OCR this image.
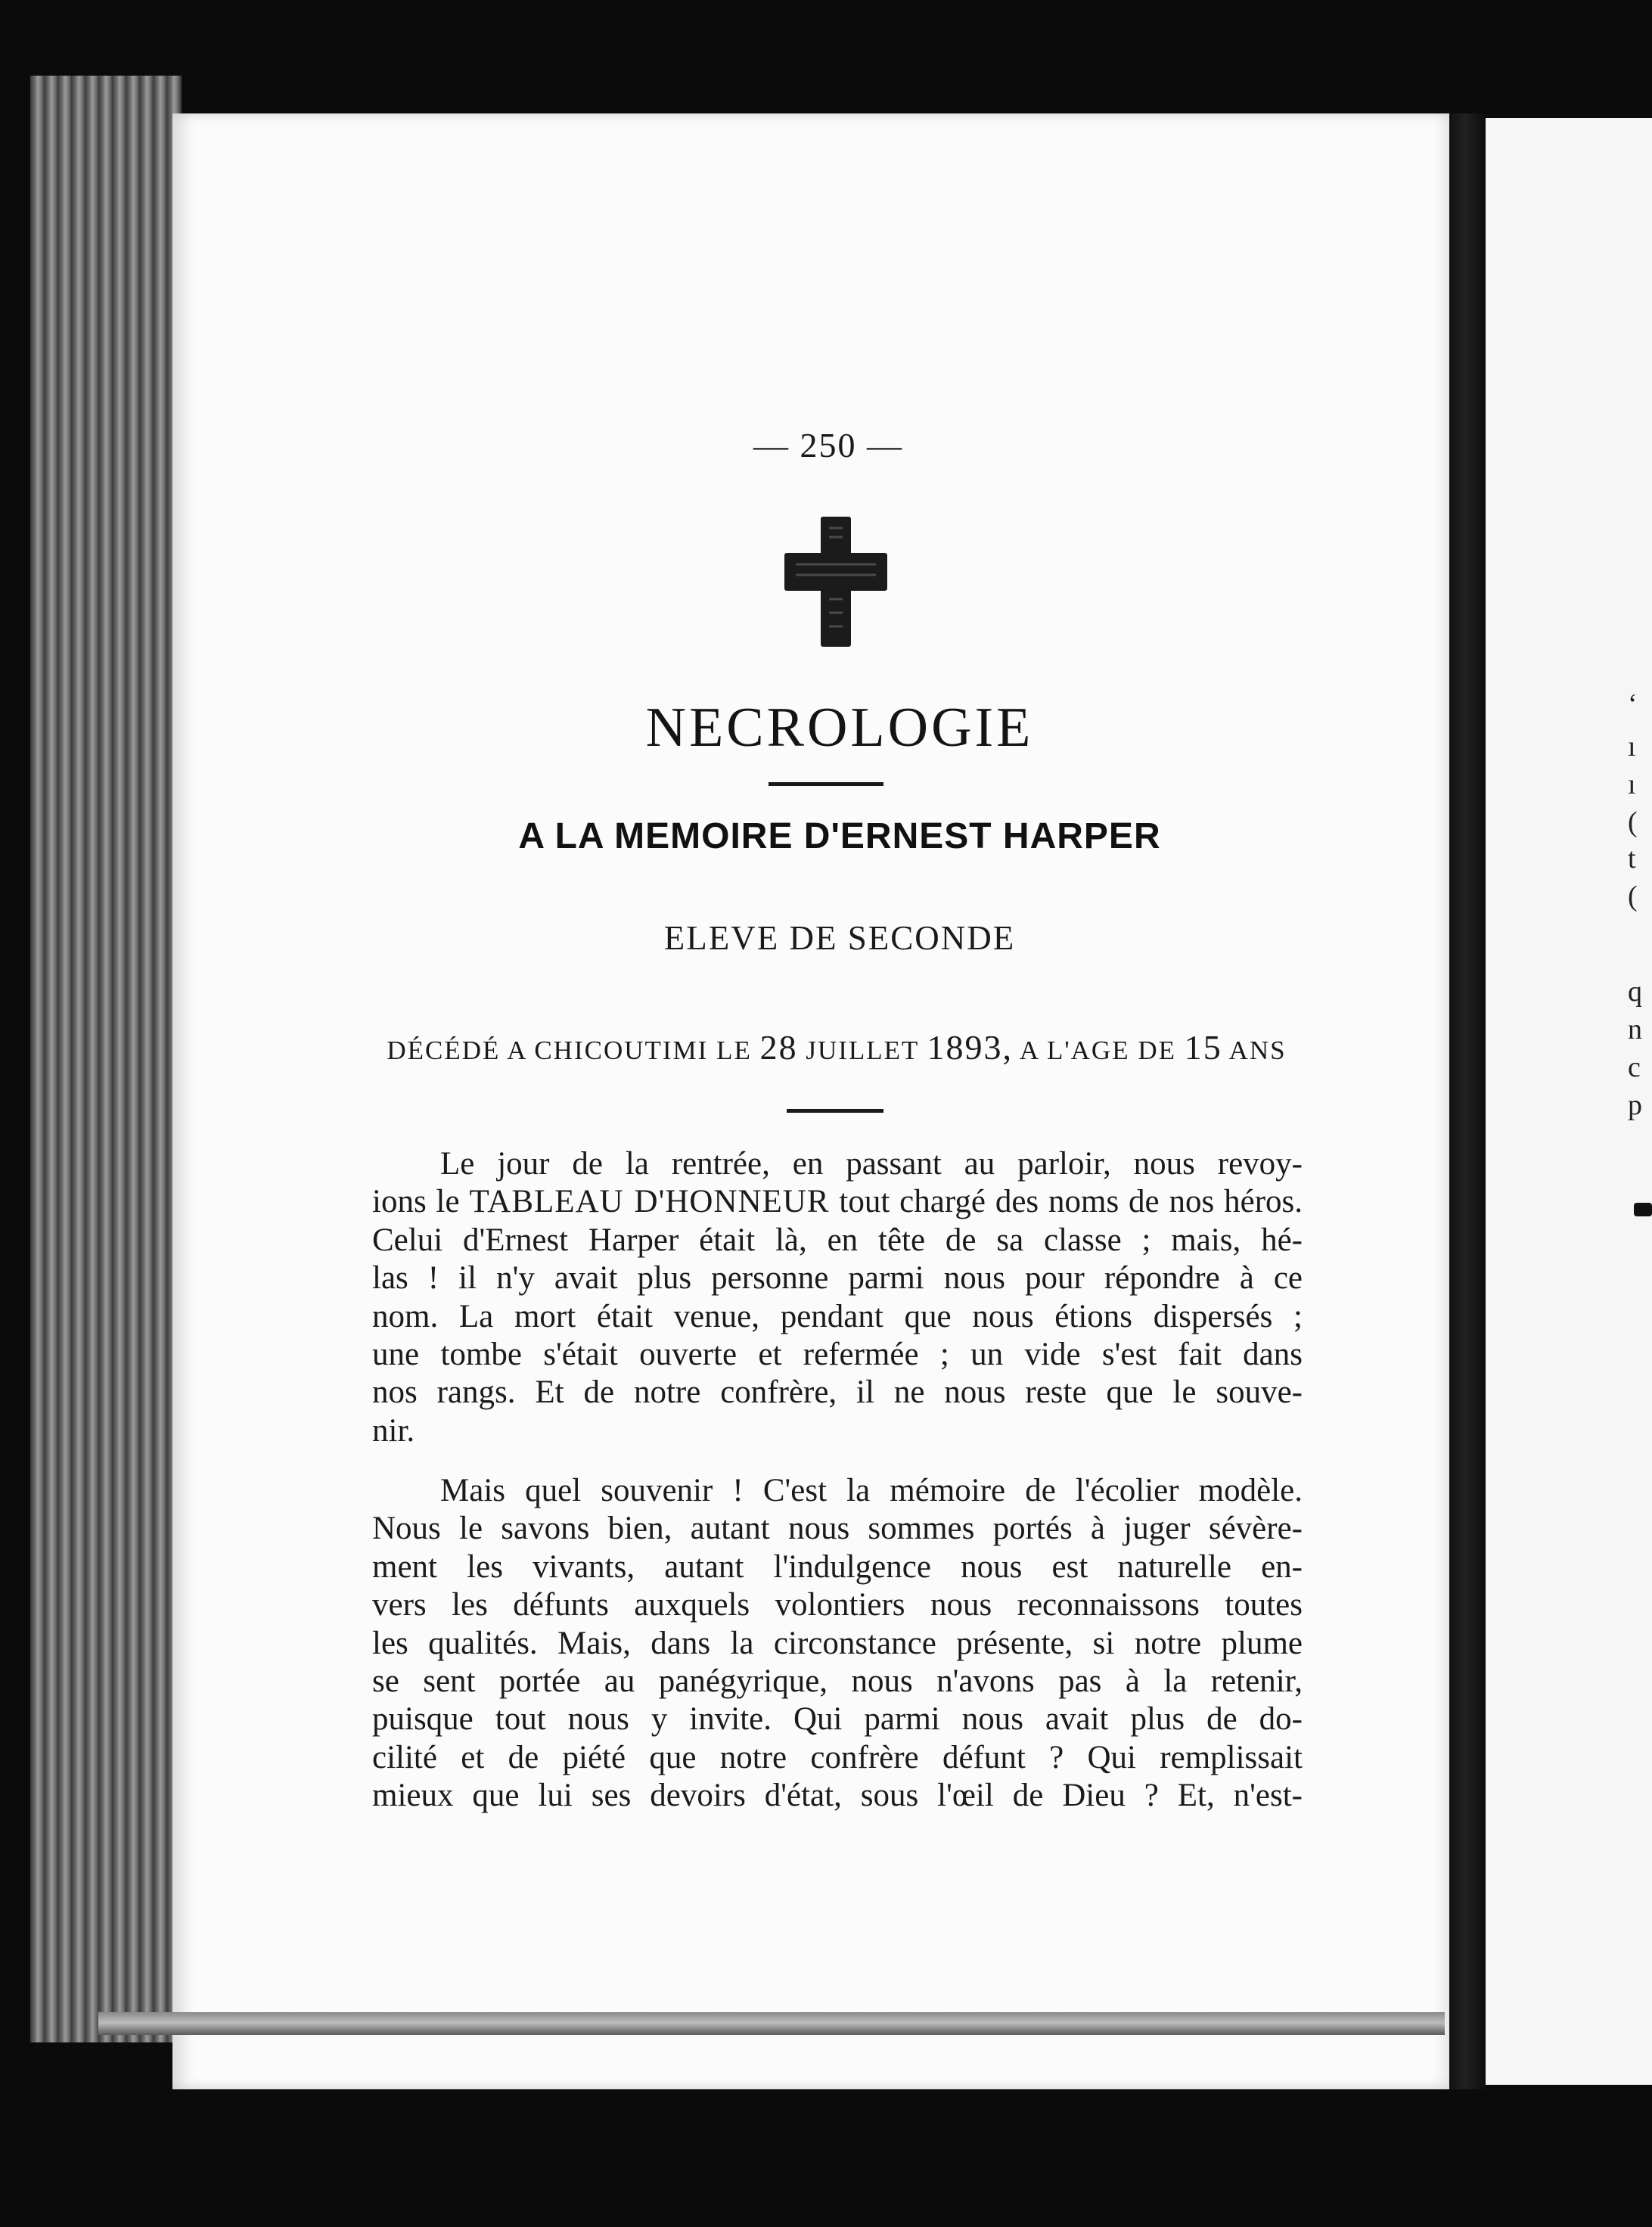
‘
ı
ı
(
t
(
q
n
c
p
— 250 —
NECROLOGIE
A LA MEMOIRE D'ERNEST HARPER
ELEVE DE SECONDE
DÉCÉDÉ A CHICOUTIMI LE 28 JUILLET 1893, A L'AGE DE 15 ANS
Le jour de la rentrée, en passant au parloir, nous revoy-
ions le TABLEAU D'HONNEUR tout chargé des noms de nos héros.
Celui d'Ernest Harper était là, en tête de sa classe ; mais, hé-
las ! il n'y avait plus personne parmi nous pour répondre à ce
nom. La mort était venue, pendant que nous étions dispersés ;
une tombe s'était ouverte et refermée ; un vide s'est fait dans
nos rangs. Et de notre confrère, il ne nous reste que le souve-
nir.
Mais quel souvenir ! C'est la mémoire de l'écolier modèle.
Nous le savons bien, autant nous sommes portés à juger sévère-
ment les vivants, autant l'indulgence nous est naturelle en-
vers les défunts auxquels volontiers nous reconnaissons toutes
les qualités. Mais, dans la circonstance présente, si notre plume
se sent portée au panégyrique, nous n'avons pas à la retenir,
puisque tout nous y invite. Qui parmi nous avait plus de do-
cilité et de piété que notre confrère défunt ? Qui remplissait
mieux que lui ses devoirs d'état, sous l'œil de Dieu ? Et, n'est-
